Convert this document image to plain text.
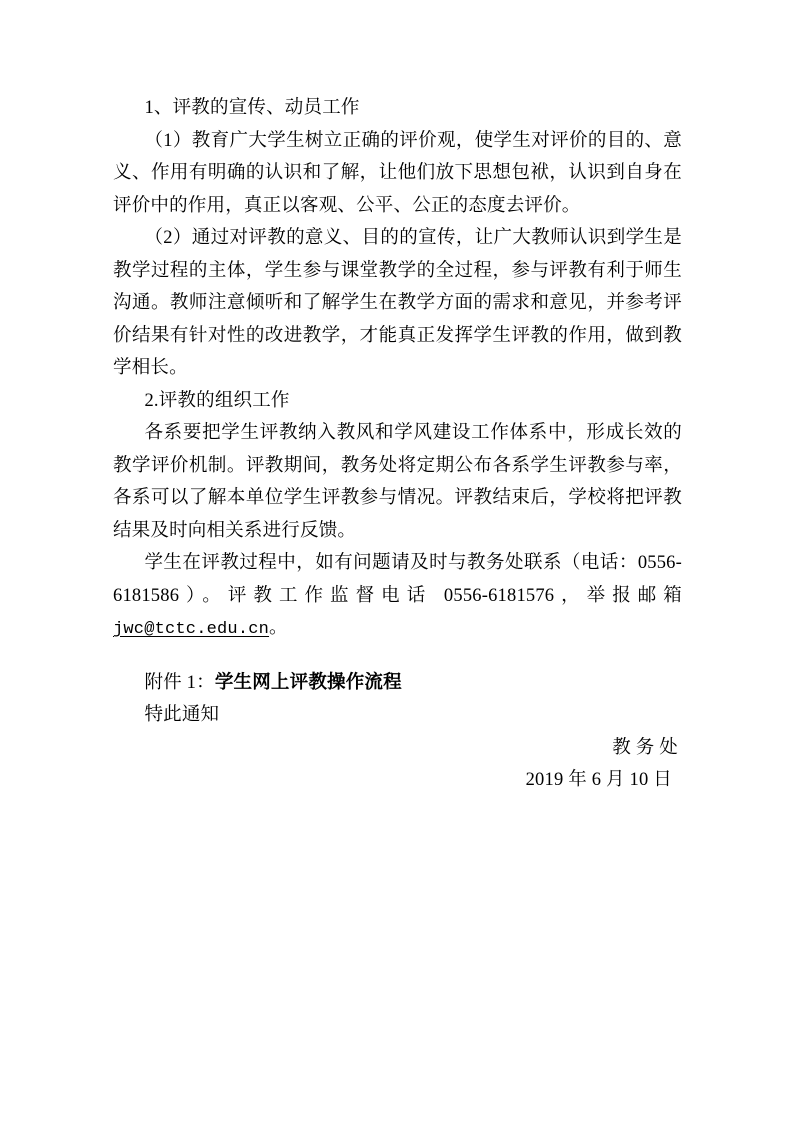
1、评教的宣传、动员工作

（1）教育广大学生树立正确的评价观，使学生对评价的目的、意义、作用有明确的认识和了解，让他们放下思想包袱，认识到自身在评价中的作用，真正以客观、公平、公正的态度去评价。

（2）通过对评教的意义、目的的宣传，让广大教师认识到学生是教学过程的主体，学生参与课堂教学的全过程，参与评教有利于师生沟通。教师注意倾听和了解学生在教学方面的需求和意见，并参考评价结果有针对性的改进教学，才能真正发挥学生评教的作用，做到教学相长。

2.评教的组织工作

各系要把学生评教纳入教风和学风建设工作体系中，形成长效的教学评价机制。评教期间，教务处将定期公布各系学生评教参与率，各系可以了解本单位学生评教参与情况。评教结束后，学校将把评教结果及时向相关系进行反馈。

学生在评教过程中，如有问题请及时与教务处联系（电话：0556-6181586）。评教工作监督电话 0556-6181576，举报邮箱 jwc@tctc.edu.cn。

附件 1：学生网上评教操作流程

特此通知

教 务 处

2019 年 6 月 10 日
